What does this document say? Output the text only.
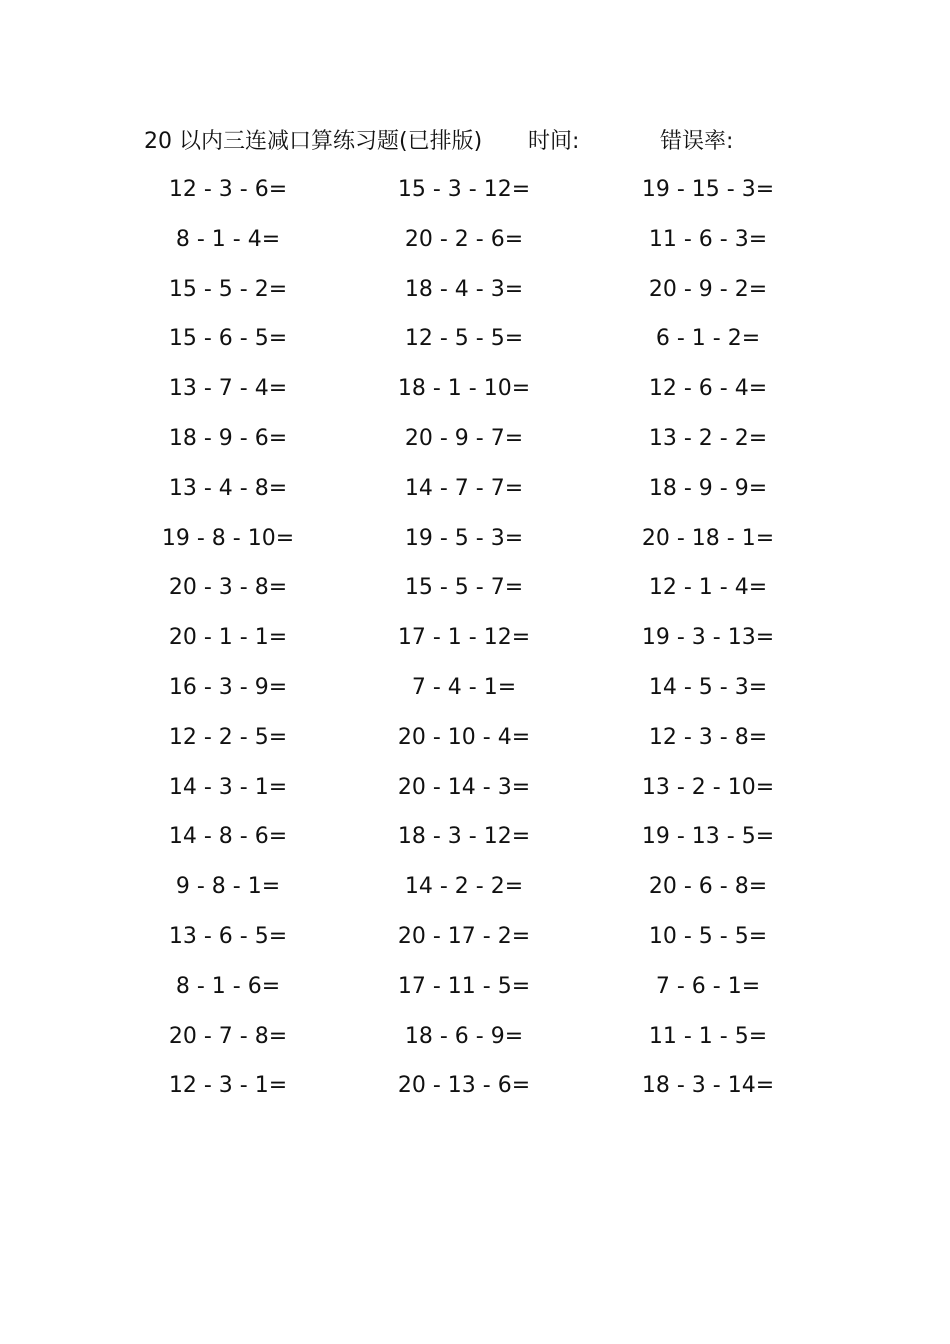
20 以内三连减口算练习题(已排版) 时间:	错误率:
12 - 3 - 6=	15 - 3 - 12=	19 - 15 - 3=
8 - 1 - 4=	20 - 2 - 6=	11 - 6 - 3=
15 - 5 - 2=	18 - 4 - 3=	20 - 9 - 2=
15 - 6 - 5=	12 - 5 - 5=	6 - 1 - 2=
13 - 7 - 4=	18 - 1 - 10=	12 - 6 - 4=
18 - 9 - 6=	20 - 9 - 7=	13 - 2 - 2=
13 - 4 - 8=	14 - 7 - 7=	18 - 9 - 9=
19 - 8 - 10=	19 - 5 - 3=	20 - 18 - 1=
20 - 3 - 8=	15 - 5 - 7=	12 - 1 - 4=
20 - 1 - 1=	17 - 1 - 12=	19 - 3 - 13=
16 - 3 - 9=	7 - 4 - 1=	14 - 5 - 3=
12 - 2 - 5=	20 - 10 - 4=	12 - 3 - 8=
14 - 3 - 1=	20 - 14 - 3=	13 - 2 - 10=
14 - 8 - 6=	18 - 3 - 12=	19 - 13 - 5=
9 - 8 - 1=	14 - 2 - 2=	20 - 6 - 8=
13 - 6 - 5=	20 - 17 - 2=	10 - 5 - 5=
8 - 1 - 6=	17 - 11 - 5=	7 - 6 - 1=
20 - 7 - 8=	18 - 6 - 9=	11 - 1 - 5=
12 - 3 - 1=	20 - 13 - 6=	18 - 3 - 14=
